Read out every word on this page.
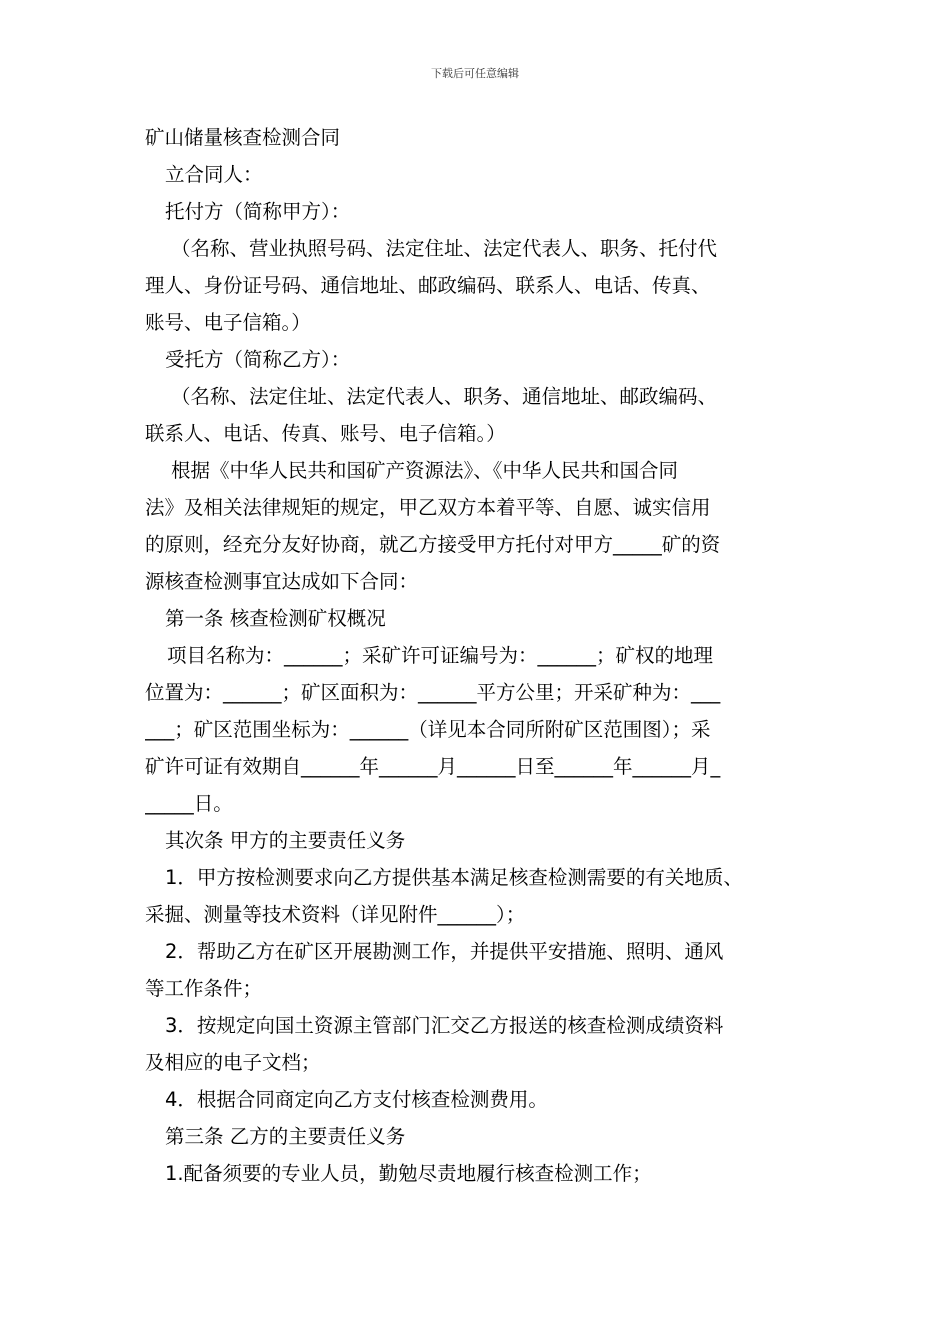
下载后可任意编辑
矿山储量核查检测合同
立合同人：
托付方（简称甲方）：
（名称、营业执照号码、法定住址、法定代表人、职务、托付代
理人、身份证号码、通信地址、邮政编码、联系人、电话、传真、
账号、电子信箱。）
受托方（简称乙方）：
（名称、法定住址、法定代表人、职务、通信地址、邮政编码、
联系人、电话、传真、账号、电子信箱。）
根据《中华人民共和国矿产资源法》、《中华人民共和国合同
法》及相关法律规矩的规定，甲乙双方本着平等、自愿、诚实信用
的原则，经充分友好协商，就乙方接受甲方托付对甲方_____矿的资
源核查检测事宜达成如下合同：
第一条 核查检测矿权概况
项目名称为：______；采矿许可证编号为：______；矿权的地理
位置为：______；矿区面积为：______平方公里；开采矿种为：___
___；矿区范围坐标为：______（详见本合同所附矿区范围图）；采
矿许可证有效期自______年______月______日至______年______月_
_____日。
其次条 甲方的主要责任义务
1．甲方按检测要求向乙方提供基本满足核查检测需要的有关地质、
采掘、测量等技术资料（详见附件______）；
2．帮助乙方在矿区开展勘测工作，并提供平安措施、照明、通风
等工作条件；
3．按规定向国土资源主管部门汇交乙方报送的核查检测成绩资料
及相应的电子文档；
4．根据合同商定向乙方支付核查检测费用。
第三条 乙方的主要责任义务
1.配备须要的专业人员，勤勉尽责地履行核查检测工作；
